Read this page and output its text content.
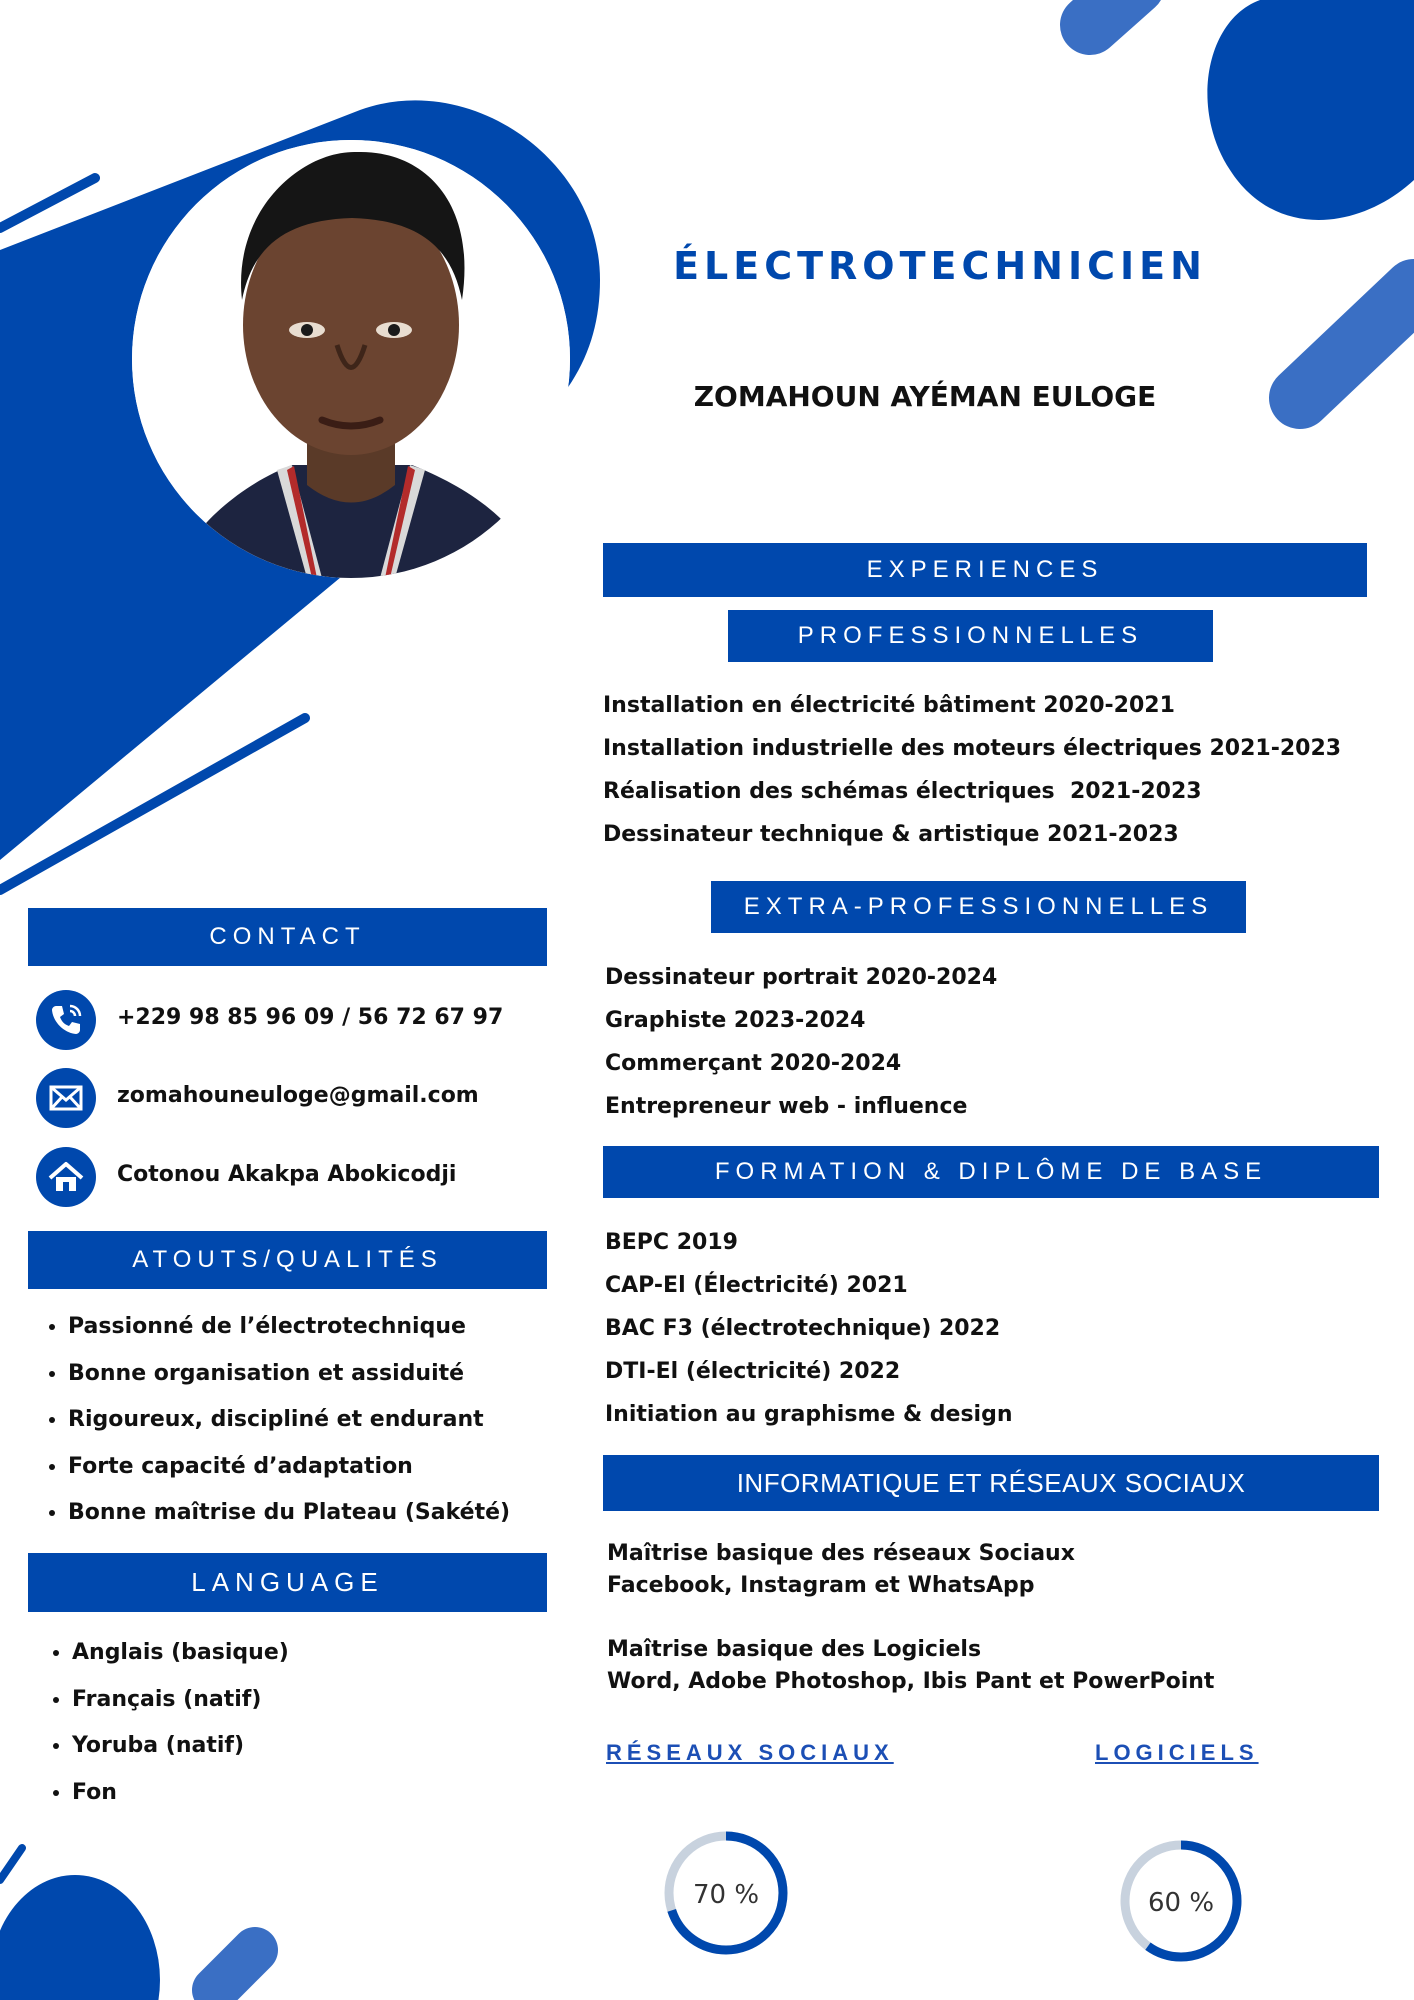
ÉLECTROTECHNICIEN
ZOMAHOUN AYÉMAN EULOGE
EXPERIENCES
PROFESSIONNELLES
Installation en électricité bâtiment 2020-2021
Installation industrielle des moteurs électriques 2021-2023
Réalisation des schémas électriques  2021-2023
Dessinateur technique & artistique 2021-2023
EXTRA-PROFESSIONNELLES
Dessinateur portrait 2020-2024
Graphiste 2023-2024
Commerçant 2020-2024
Entrepreneur web - influence
FORMATION & DIPLÔME DE BASE
BEPC 2019
CAP-El (Électricité) 2021
BAC F3 (électrotechnique) 2022
DTI-El (électricité) 2022
Initiation au graphisme & design
INFORMATIQUE ET RÉSEAUX SOCIAUX
Maîtrise basique des réseaux Sociaux
Facebook, Instagram et WhatsApp
Maîtrise basique des Logiciels
Word, Adobe Photoshop, Ibis Pant et PowerPoint
RÉSEAUX SOCIAUX	LOGICIELS
70 %	60 %
CONTACT
+229 98 85 96 09 / 56 72 67 97
zomahouneuloge@gmail.com
Cotonou Akakpa Abokicodji
ATOUTS/QUALITÉS
• Passionné de l’électrotechnique
• Bonne organisation et assiduité
• Rigoureux, discipliné et endurant
• Forte capacité d’adaptation
• Bonne maîtrise du Plateau (Sakété)
LANGUAGE
• Anglais (basique)
• Français (natif)
• Yoruba (natif)
• Fon
